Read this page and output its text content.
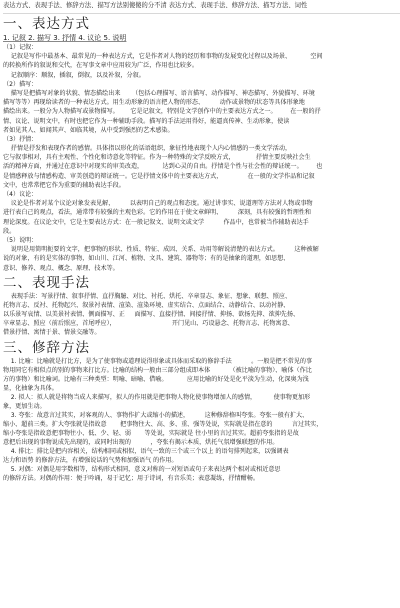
表达方式、表现手法、修辞方法、描写方法别傻傻的分不清 表达方式、表现手法、修辞方法、描写方法、词性
一、表达方式
1. 记叙 2. 描写 3. 抒情 4. 议论 5. 说明
（1）记叙：
记叙是写作中最基本、最常见的一种表达方式，它是作者对人物的经历和事物的发展变化过程以及场景、          空间
的转换所作的叙说和交代，在写事文章中应用较为广泛，作用也比较多。
记叙顺序：顺叙，插叙，倒叙，以及补叙，分叙。
（2）描写：
描写是把描写对象的状貌、情态描绘出来      （包括心理描写、语言描写、动作描写、神态描写、外貌描写、环境
描写等等）再现给读者的一种表达方式。用生动形象的语言把人物的形态、        动作或景物的状态等具体形象地
描绘出来。一般分为人物描写或景物描写。      它是记叙文，特别是文学创作中的主要表达方式之一。       在一般的抒
情、议论、说明文中，有时也把它作为一种辅助手段。描写的手法运用得好，能逼真传神、生动形象，使读
者如见其人、如闻其声、如临其境，从中受到强烈的艺术感染。
（3）抒情：
抒情是抒发和表现作者的感情。具体指以形化的话语组织，象征性地表现个人内心情感的一类文学活动，
它与叙事相对，具有主观性、个性化和诗意化等特征。作为一种特殊的文学反映方式，           抒情主要反映社会生
活的精神方面，并通过在意识中对现实的审美改造，          达到心灵的自由。抒情是个性与社会性的辩证统一。       也
是情感释放与情感构造、审美创造的辩证统一。它是抒情文体中的主要表达方式，             在一般的文学作品和记叙
文中，也常常把它作为重要的辅助表达手段。
（4）议论：
议论是作者对某个议论对象发表见解，        以表明自己的观点和态度。通过讲事实、说道理等方法对人物或事物
进行表白己的观点，看法，通常带有较强的主观色彩。它的作用在于使文章鲜明、        深刻，具有较强的哲理性和
理论深度。在议论文中，它是主要表达方式：在一般记叙文、说明文或文学          作品中，也常被当作辅助表达手
段。
（5）说明：
说明是用简明扼要的文字，把事物的形状、性质、特征、成因、关系、功用等解说清楚的表达方式。        这种被解
说的对象，有的是实体的事物，如山川、江河、植物、文具、建筑、器物等；有的是抽象的道理，如思想、
意识、修养、观点、概念、原理、技术等。
二、表现手法
表现手法：写景抒情、叙事抒情、直抒胸臆、对比、衬托、烘托、卒章显志、象征、想象、联想、照应、
托物言志、反衬、托物起兴、叙景衬表情、渲染、渲染环境、虚实结合、点面结合、动静结合、以动衬静、
以乐景写哀情、以美景衬表情、侧面描写、正     面描写、直接抒情、间接抒情、抑扬、欲扬先抑、欲抑先扬、
卒章显志、照应（前后照应，首尾呼应），                             开门见山、巧设悬念、托物言志、托物寓意、
借景抒情、寓情于景、情景交融等。
三、修辞方法
1. 比喻：比喻就是打比方，是为了使事物或道理说得形象或具体而采取的修辞手法          。一般是把不常见的事
物用同它有相似点的别的事物来打比方。比喻的结构一般由三部分组成即本体          （被比喻的事物）、喻体（作比
方的事物）和比喻词。比喻有三种类型：明喻、暗喻、借喻。          应用比喻的好处是化平淡为生动，化深奥为浅
显，化抽象为具体。
2. 拟人：拟人就是将物当成人来描写，拟人的作用就是把事物人物化使事物增加人的感情，         使事物更加形
象，更加生动。
3. 夸张：故意言过其实，对客观的人、事物作扩大或缩小的描述，        这种修辞格叫夸张。夸张一般有扩大、
缩小、超前三类。扩大夸张就是指故意       把事物往大、高、多、重、强等处说，实际就是指在意的          言过其实，
缩小夸张是指故意把事物往小、低、少、轻、弱       等处说，实际就是 往小里的言过其实。超前夸张指的是故
意把后出现的事物说成先出现的，或同时出现的          ，夸张有揭示本质，烘托气氛增强联想的作用。
4. 排比：排比是把内容相关，结构相同或相似，语气一致的三个或三个以上 的语句排列起来，以强调表
达力和语势 的修辞方法，有增强说话的气势和加强语气 的作用。
5. 对偶：对偶是用字数相等，结构形式相同，意义对称的一对短语或句子来表达两个相对或相近意思
的修辞方法。对偶的作用：便于吟诵，易于记忆；用于诗词，有音乐美；表意凝练，抒情酣畅。
